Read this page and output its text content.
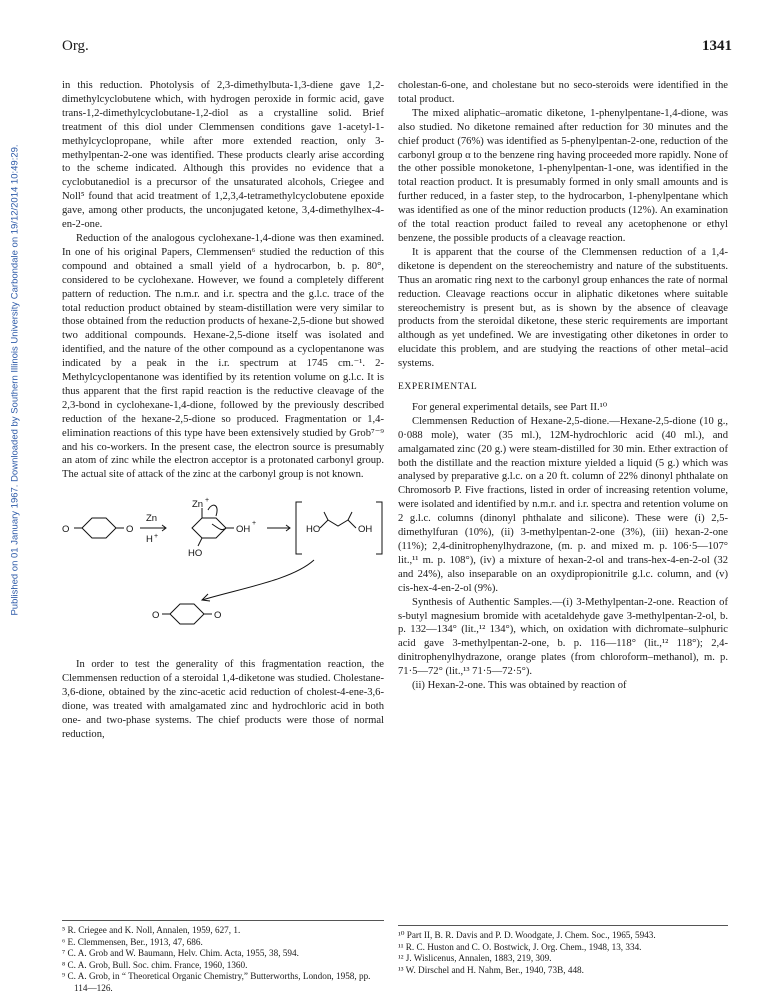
Org.	1341
Published on 01 January 1967. Downloaded by Southern Illinois University Carbondale on 19/12/2014 10:49:29.

in this reduction. Photolysis of 2,3-dimethylbuta-1,3-diene gave 1,2-dimethylcyclobutene which, with hydrogen peroxide in formic acid, gave trans-1,2-dimethylcyclobutane-1,2-diol as a crystalline solid. Brief treatment of this diol under Clemmensen conditions gave 1-acetyl-1-methylcyclopropane, while after more extended reaction, only 3-methylpentan-2-one was identified. These products clearly arise according to the scheme indicated. Although this provides no evidence that a cyclobutanediol is a precursor of the unsaturated alcohols, Criegee and Noll⁵ found that acid treatment of 1,2,3,4-tetramethylcyclobutene epoxide gave, among other products, the unconjugated ketone, 3,4-dimethylhex-4-en-2-one.

Reduction of the analogous cyclohexane-1,4-dione was then examined. In one of his original Papers, Clemmensen⁶ studied the reduction of this compound and obtained a small yield of a hydrocarbon, b. p. 80°, considered to be cyclohexane. However, we found a completely different pattern of reduction. The n.m.r. and i.r. spectra and the g.l.c. trace of the total reduction product obtained by steam-distillation were very similar to those obtained from the reduction products of hexane-2,5-dione but showed two additional compounds. Hexane-2,5-dione itself was isolated and identified, and the nature of the other compound as a cyclopentanone was indicated by a peak in the i.r. spectrum at 1745 cm.⁻¹. 2-Methylcyclopentanone was identified by its retention volume on g.l.c. It is thus apparent that the first rapid reaction is the reductive cleavage of the 2,3-bond in cyclohexane-1,4-dione, followed by the previously described reduction of the hexane-2,5-dione so produced. Fragmentation or 1,4-elimination reactions of this type have been extensively studied by Grob⁷⁻⁹ and his co-workers. In the present case, the electron source is presumably an atom of zinc while the electron acceptor is a protonated carbonyl group. The actual site of attack of the zinc at the carbonyl group is not known.

O	O
Zn
H +
Zn +
OH
+
HO
HO	OH
O	O

In order to test the generality of this fragmentation reaction, the Clemmensen reduction of a steroidal 1,4-diketone was studied. Cholestane-3,6-dione, obtained by the zinc-acetic acid reduction of cholest-4-ene-3,6-dione, was treated with amalgamated zinc and hydrochloric acid in both one- and two-phase systems. The chief products were those of normal reduction,

⁵ R. Criegee and K. Noll, Annalen, 1959, 627, 1.

⁶ E. Clemmensen, Ber., 1913, 47, 686.

⁷ C. A. Grob and W. Baumann, Helv. Chim. Acta, 1955, 38, 594.

⁸ C. A. Grob, Bull. Soc. chim. France, 1960, 1360.

⁹ C. A. Grob, in “ Theoretical Organic Chemistry,” Butterworths, London, 1958, pp. 114—126.

cholestan-6-one, and cholestane but no seco-steroids were identified in the total product.

The mixed aliphatic–aromatic diketone, 1-phenylpentane-1,4-dione, was also studied. No diketone remained after reduction for 30 minutes and the chief product (76%) was identified as 5-phenylpentan-2-one, reduction of the carbonyl group α to the benzene ring having proceeded more rapidly. None of the other possible monoketone, 1-phenylpentan-1-one, was identified in the total reaction product. It is presumably formed in only small amounts and is further reduced, in a faster step, to the hydrocarbon, 1-phenylpentane which was identified as one of the minor reduction products (12%). An examination of the total reaction product failed to reveal any acetophenone or ethyl benzene, the possible products of a cleavage reaction.

It is apparent that the course of the Clemmensen reduction of a 1,4-diketone is dependent on the stereochemistry and nature of the substituents. Thus an aromatic ring next to the carbonyl group enhances the rate of normal reduction. Cleavage reactions occur in aliphatic diketones where suitable stereochemistry is present but, as is shown by the absence of cleavage products from the steroidal diketone, these steric requirements are important although as yet undefined. We are investigating other diketones in order to elucidate this problem, and are studying the reactions of other metal–acid systems.

EXPERIMENTAL

For general experimental details, see Part II.¹⁰

Clemmensen Reduction of Hexane-2,5-dione.—Hexane-2,5-dione (10 g., 0·088 mole), water (35 ml.), 12M-hydrochloric acid (40 ml.), and amalgamated zinc (20 g.) were steam-distilled for 30 min. Ether extraction of both the distillate and the reaction mixture yielded a liquid (5 g.) which was analysed by preparative g.l.c. on a 20 ft. column of 22% dinonyl phthalate on Chromosorb P. Five fractions, listed in order of increasing retention volume, were isolated and identified by n.m.r. and i.r. spectra and retention volume on 2 g.l.c. columns (dinonyl phthalate and silicone). These were (i) 2,5-dimethylfuran (10%), (ii) 3-methylpentan-2-one (3%), (iii) hexan-2-one (11%); 2,4-dinitrophenylhydrazone, (m. p. and mixed m. p. 106·5—107° lit.,¹¹ m. p. 108°), (iv) a mixture of hexan-2-ol and trans-hex-4-en-2-ol (32 and 24%), also inseparable on an oxydipropionitrile g.l.c. column, and (v) cis-hex-4-en-2-ol (9%).

Synthesis of Authentic Samples.—(i) 3-Methylpentan-2-one. Reaction of s-butyl magnesium bromide with acetaldehyde gave 3-methylpentan-2-ol, b. p. 132—134° (lit.,¹² 134°), which, on oxidation with dichromate–sulphuric acid gave 3-methylpentan-2-one, b. p. 116—118° (lit.,¹² 118°); 2,4-dinitrophenylhydrazone, orange plates (from chloroform–methanol), m. p. 71·5—72° (lit.,¹³ 71·5—72·5°).

(ii) Hexan-2-one. This was obtained by reaction of

¹⁰ Part II, B. R. Davis and P. D. Woodgate, J. Chem. Soc., 1965, 5943.

¹¹ R. C. Huston and C. O. Bostwick, J. Org. Chem., 1948, 13, 334.

¹² J. Wislicenus, Annalen, 1883, 219, 309.

¹³ W. Dirschel and H. Nahm, Ber., 1940, 73B, 448.
